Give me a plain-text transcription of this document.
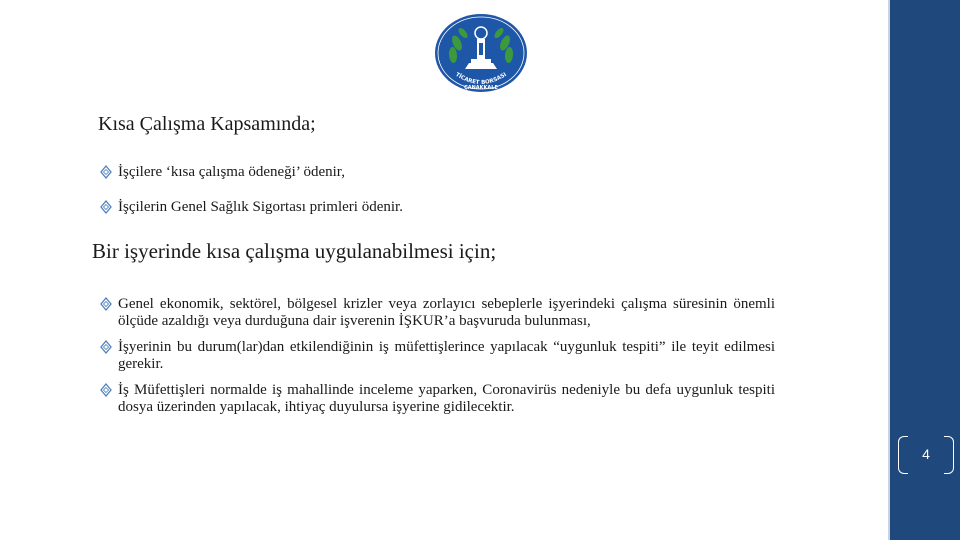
TİCARET BORSASI
ÇANAKKALE
Kısa Çalışma Kapsamında;
İşçilere ‘kısa çalışma ödeneği’ ödenir,
İşçilerin Genel Sağlık Sigortası primleri ödenir.
Bir işyerinde kısa çalışma uygulanabilmesi için;
Genel ekonomik, sektörel, bölgesel krizler veya zorlayıcı sebeplerle işyerindeki çalışma süresinin önemli ölçüde azaldığı veya durduğuna dair işverenin İŞKUR’a başvuruda bulunması,
İşyerinin bu durum(lar)dan etkilendiğinin iş müfettişlerince yapılacak “uygunluk tespiti” ile teyit edilmesi gerekir.
İş Müfettişleri normalde iş mahallinde inceleme yaparken, Coronavirüs nedeniyle bu defa uygunluk tespiti dosya üzerinden yapılacak, ihtiyaç duyulursa işyerine gidilecektir.
4
